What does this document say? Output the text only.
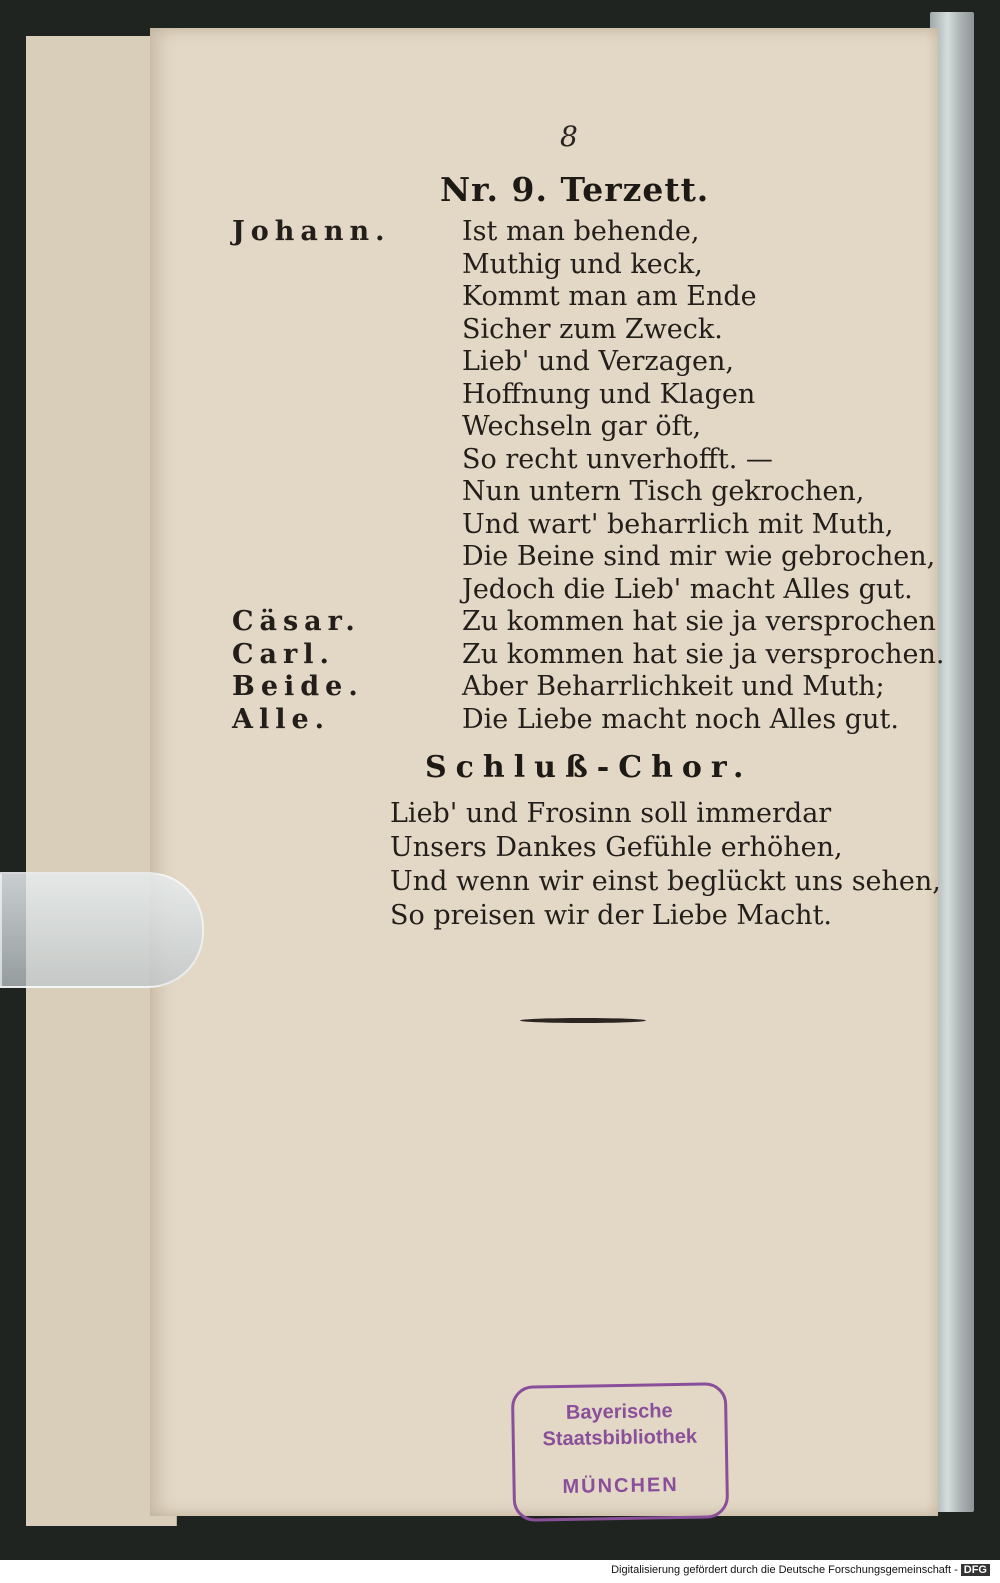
8
Nr. 9. Terzett.
Johann.	Ist man behende,
Muthig und keck,
Kommt man am Ende
Sicher zum Zweck.
Lieb' und Verzagen,
Hoffnung und Klagen
Wechseln gar öft,
So recht unverhofft. —
Nun untern Tisch gekrochen,
Und wart' beharrlich mit Muth,
Die Beine sind mir wie gebrochen,
Jedoch die Lieb' macht Alles gut.
Cäsar.	Zu kommen hat sie ja versprochen
Carl.	Zu kommen hat sie ja versprochen.
Beide.	Aber Beharrlichkeit und Muth;
Alle.	Die Liebe macht noch Alles gut.
Schluß-Chor.
Lieb' und Frosinn soll immerdar
Unsers Dankes Gefühle erhöhen,
Und wenn wir einst beglückt uns sehen,
So preisen wir der Liebe Macht.
Bayerische
Staatsbibliothek
MÜNCHEN
Digitalisierung gefördert durch die Deutsche Forschungsgemeinschaft - DFG
